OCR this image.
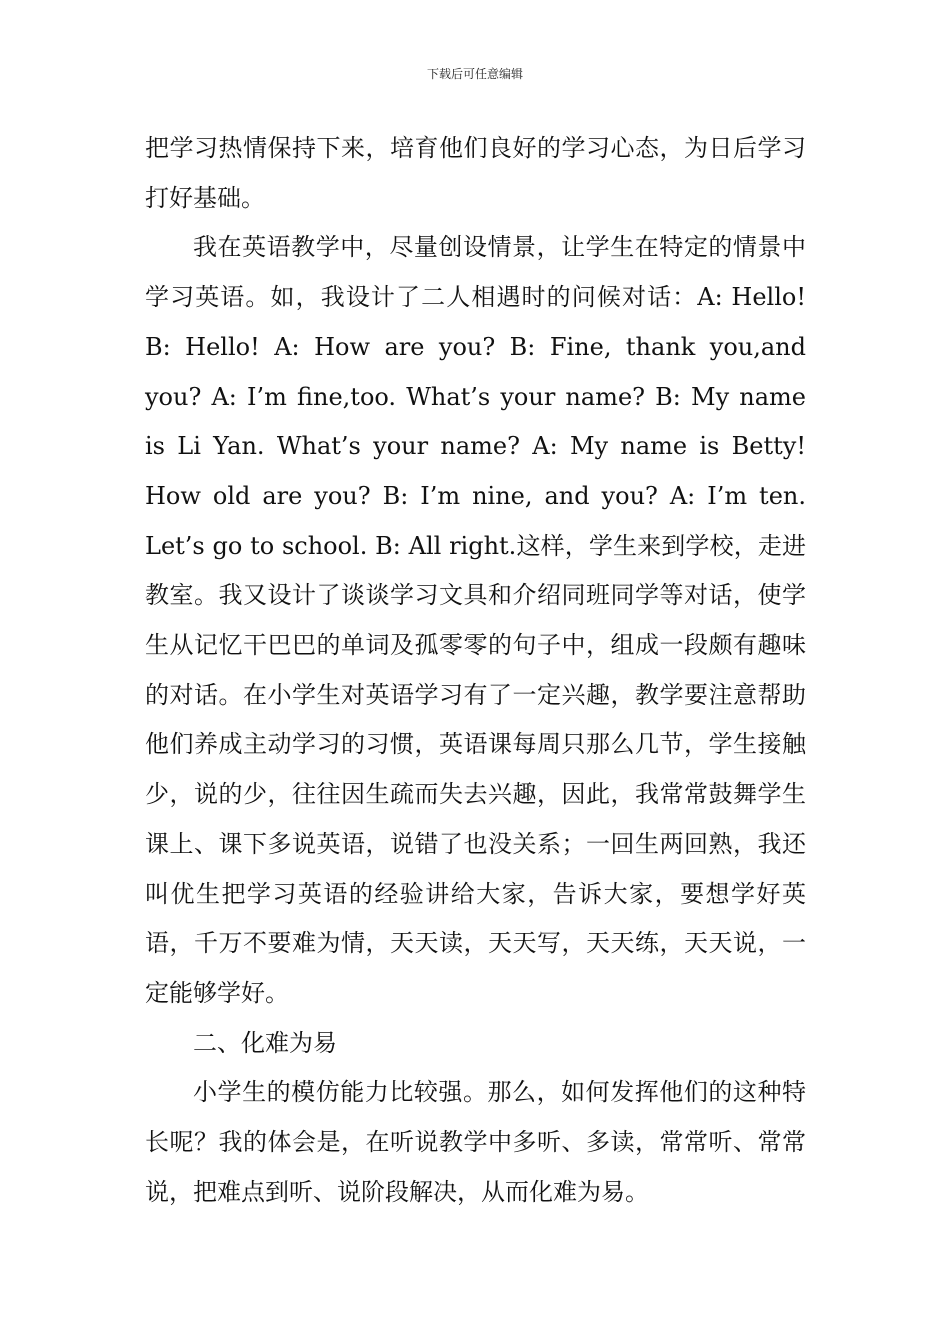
下载后可任意编辑

把学习热情保持下来，培育他们良好的学习心态，为日后学习打好基础。

我在英语教学中，尽量创设情景，让学生在特定的情景中学习英语。如，我设计了二人相遇时的问候对话：A: Hello! B: Hello! A: How are you? B: Fine, thank you,and you? A: I’m fine,too. What’s your name? B: My name is Li Yan. What’s your name? A: My name is Betty! How old are you? B: I’m nine, and you? A: I’m ten. Let’s go to school. B: All right.这样，学生来到学校，走进教室。我又设计了谈谈学习文具和介绍同班同学等对话，使学生从记忆干巴巴的单词及孤零零的句子中，组成一段颇有趣味的对话。在小学生对英语学习有了一定兴趣，教学要注意帮助他们养成主动学习的习惯，英语课每周只那么几节，学生接触少，说的少，往往因生疏而失去兴趣，因此，我常常鼓舞学生课上、课下多说英语，说错了也没关系；一回生两回熟，我还叫优生把学习英语的经验讲给大家，告诉大家，要想学好英语，千万不要难为情，天天读，天天写，天天练，天天说，一定能够学好。

二、化难为易

小学生的模仿能力比较强。那么，如何发挥他们的这种特长呢？我的体会是，在听说教学中多听、多读，常常听、常常说，把难点到听、说阶段解决，从而化难为易。
